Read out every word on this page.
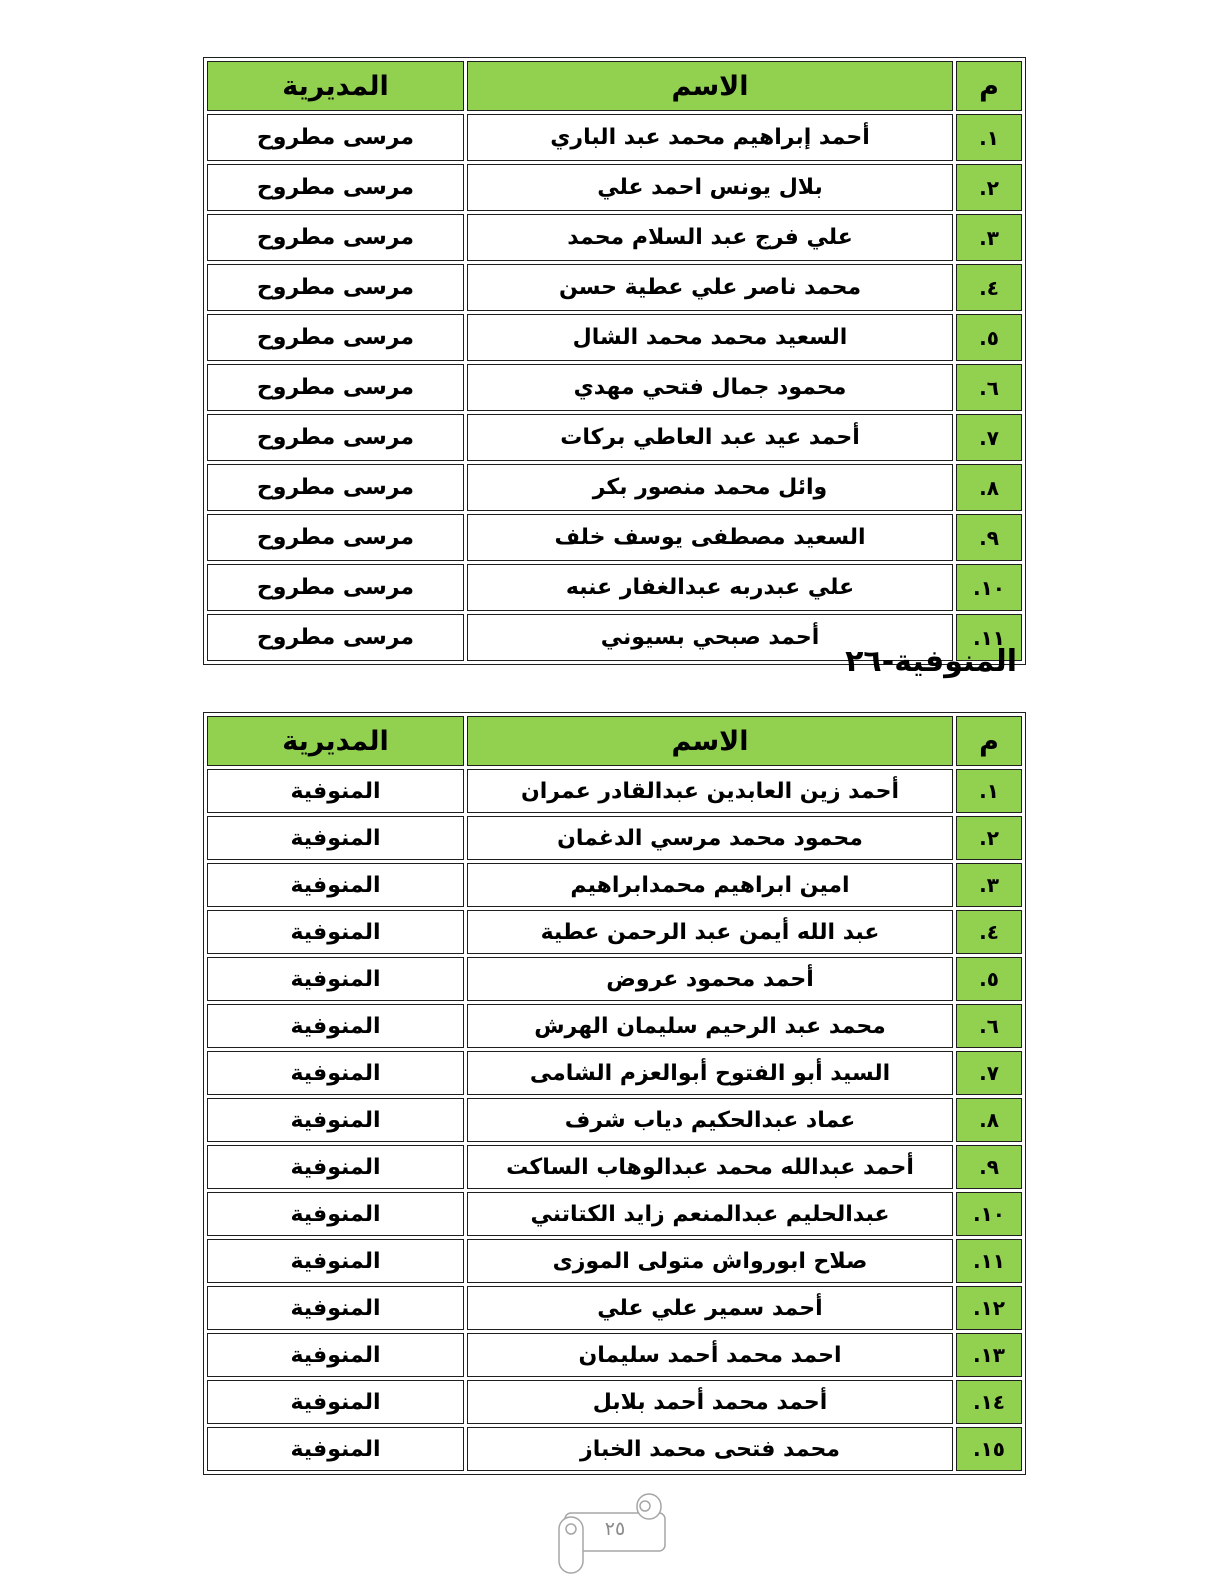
م	الاسم	المديرية
١.	أحمد إبراهيم محمد عبد الباري	مرسى مطروح
٢.	بلال يونس احمد علي	مرسى مطروح
٣.	علي فرج عبد السلام محمد	مرسى مطروح
٤.	محمد ناصر علي عطية حسن	مرسى مطروح
٥.	السعيد محمد محمد الشال	مرسى مطروح
٦.	محمود جمال فتحي مهدي	مرسى مطروح
٧.	أحمد عيد عبد العاطي بركات	مرسى مطروح
٨.	وائل محمد منصور بكر	مرسى مطروح
٩.	السعيد مصطفى يوسف خلف	مرسى مطروح
١٠.	علي عبدربه عبدالغفار عنبه	مرسى مطروح
١١.	أحمد صبحي بسيوني	مرسى مطروح
٢٦-المنوفية
م	الاسم	المديرية
١.	أحمد زين العابدين عبدالقادر عمران	المنوفية
٢.	محمود محمد مرسي الدغمان	المنوفية
٣.	امين ابراهيم محمدابراهيم	المنوفية
٤.	عبد الله أيمن عبد الرحمن عطية	المنوفية
٥.	أحمد محمود عروض	المنوفية
٦.	محمد عبد الرحيم سليمان الهرش	المنوفية
٧.	السيد أبو الفتوح أبوالعزم الشامى	المنوفية
٨.	عماد عبدالحكيم دياب شرف	المنوفية
٩.	أحمد عبدالله محمد عبدالوهاب الساكت	المنوفية
١٠.	عبدالحليم عبدالمنعم زايد الكتاتني	المنوفية
١١.	صلاح ابورواش متولى الموزى	المنوفية
١٢.	أحمد سمير علي علي	المنوفية
١٣.	احمد محمد أحمد سليمان	المنوفية
١٤.	أحمد محمد أحمد بلابل	المنوفية
١٥.	محمد فتحى محمد الخباز	المنوفية
٢٥
